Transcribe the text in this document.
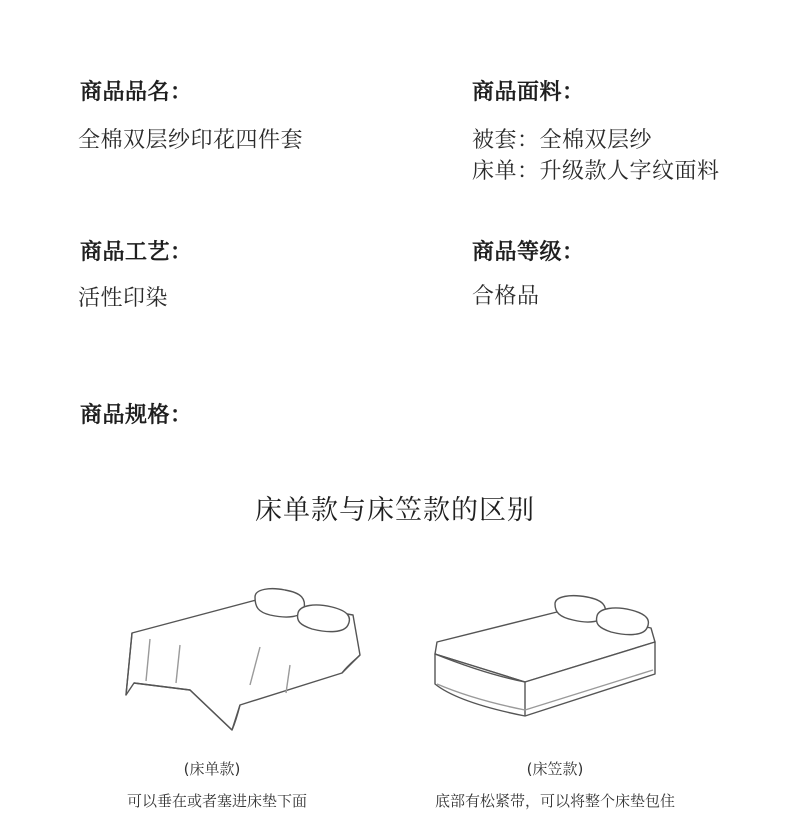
商品品名：
全棉双层纱印花四件套
商品面料：
被套：全棉双层纱
床单：升级款人字纹面料
商品工艺：
活性印染
商品等级：
合格品
商品规格：
床单款与床笠款的区别
(床单款)
可以垂在或者塞进床垫下面
(床笠款)
底部有松紧带，可以将整个床垫包住
